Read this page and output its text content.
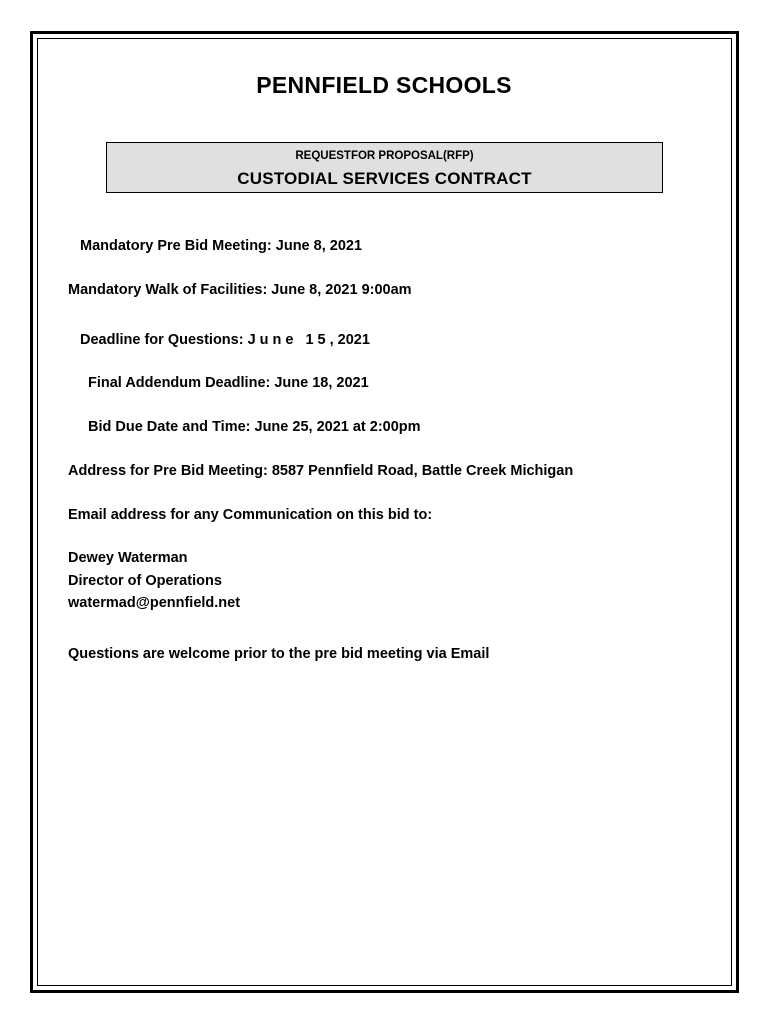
PENNFIELD SCHOOLS
REQUESTFOR PROPOSAL(RFP)
CUSTODIAL SERVICES CONTRACT
Mandatory Pre Bid Meeting: June 8, 2021
Mandatory Walk of Facilities: June 8, 2021 9:00am
Deadline for Questions: June 15, 2021
Final Addendum Deadline: June 18, 2021
Bid Due Date and Time: June 25, 2021 at 2:00pm
Address for Pre Bid Meeting: 8587 Pennfield Road, Battle Creek Michigan
Email address for any Communication on this bid to:
Dewey Waterman
Director of Operations
watermad@pennfield.net
Questions are welcome prior to the pre bid meeting via Email
